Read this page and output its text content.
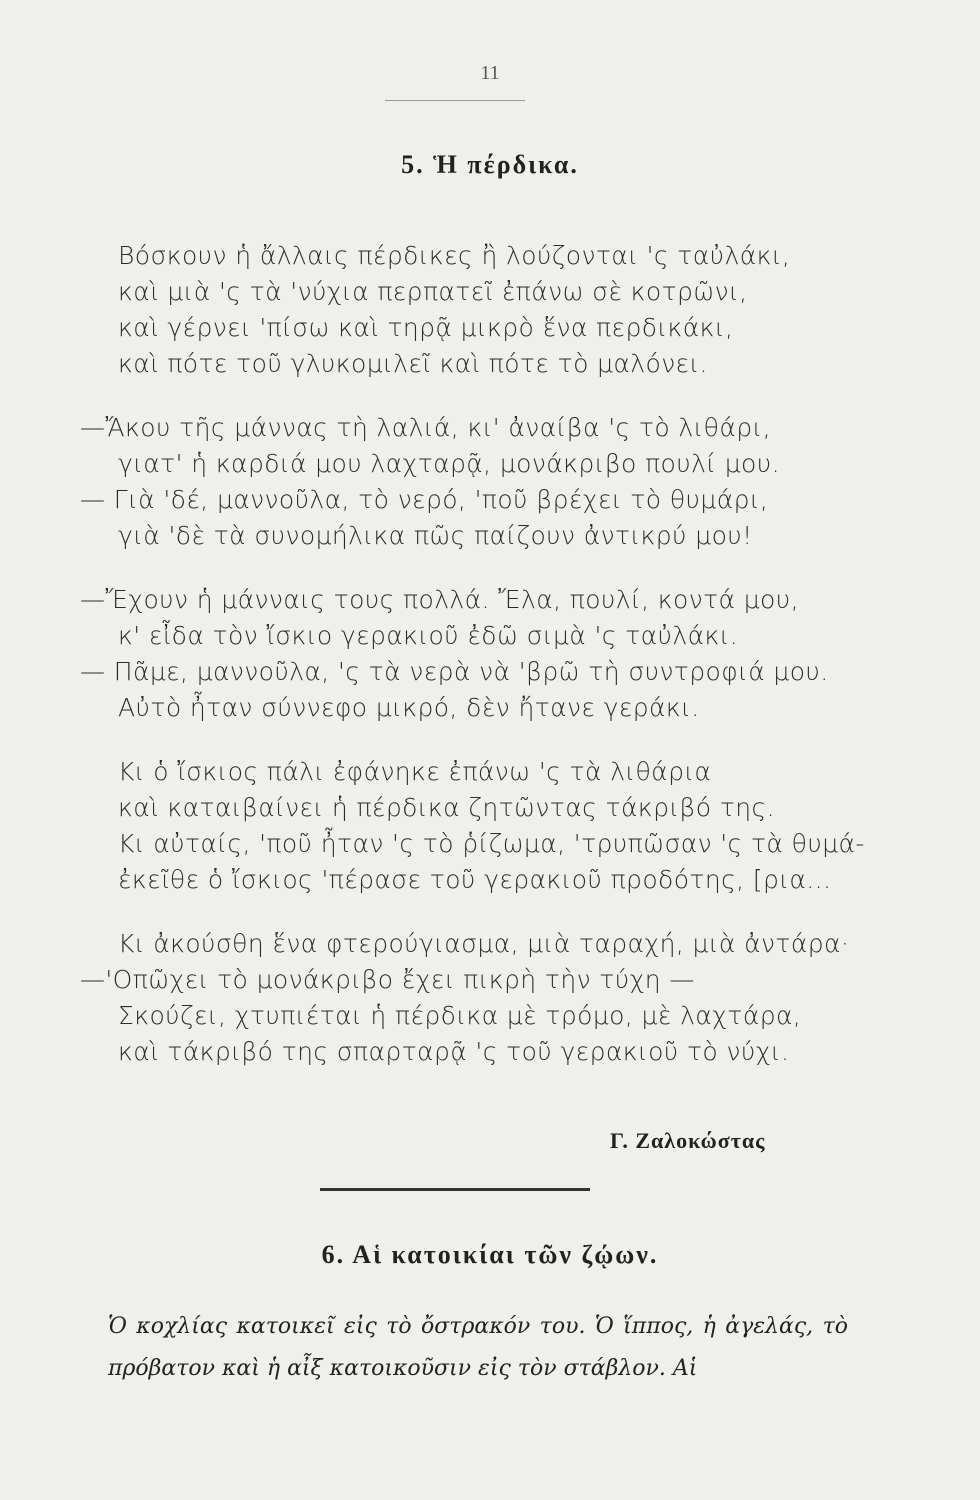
11
5. Ἡ πέρδικα.
Βόσκουν ἡ ἄλλαις πέρδικες ἢ λούζονται 'ς ταὐλάκι,
καὶ μιὰ 'ς τὰ 'νύχια περπατεῖ ἐπάνω σὲ κοτρῶνι,
καὶ γέρνει 'πίσω καὶ τηρᾷ μικρὸ ἕνα περδικάκι,
καὶ πότε τοῦ γλυκομιλεῖ καὶ πότε τὸ μαλόνει.
—Ἄκου τῆς μάννας τὴ λαλιά, κι' ἀναίβα 'ς τὸ λιθάρι,
γιατ' ἡ καρδιά μου λαχταρᾷ, μονάκριβο πουλί μου.
— Γιὰ 'δέ, μαννοῦλα, τὸ νερό, 'ποῦ βρέχει τὸ θυμάρι,
γιὰ 'δὲ τὰ συνομήλικα πῶς παίζουν ἀντικρύ μου!
—Ἔχουν ἡ μάνναις τους πολλά. Ἔλα, πουλί, κοντά μου,
κ' εἶδα τὸν ἴσκιο γερακιοῦ ἐδῶ σιμὰ 'ς ταὐλάκι.
— Πᾶμε, μαννοῦλα, 'ς τὰ νερὰ νὰ 'βρῶ τὴ συντροφιά μου.
Αὐτὸ ἦταν σύννεφο μικρό, δὲν ἤτανε γεράκι.
Κι ὁ ἴσκιος πάλι ἐφάνηκε ἐπάνω 'ς τὰ λιθάρια
καὶ καταιβαίνει ἡ πέρδικα ζητῶντας τάκριβό της.
Κι αὐταίς, 'ποῦ ἦταν 'ς τὸ ῥίζωμα, 'τρυπῶσαν 'ς τὰ θυμά-
ἐκεῖθε ὁ ἴσκιος 'πέρασε τοῦ γερακιοῦ προδότης, [ρια...
Κι ἀκούσθη ἕνα φτερούγιασμα, μιὰ ταραχή, μιὰ ἀντάρα·
—'Οπῶχει τὸ μονάκριβο ἔχει πικρὴ τὴν τύχη —
Σκούζει, χτυπιέται ἡ πέρδικα μὲ τρόμο, μὲ λαχτάρα,
καὶ τάκριβό της σπαρταρᾷ 'ς τοῦ γερακιοῦ τὸ νύχι.
Γ. Ζαλοκώστας
6. Αἱ κατοικίαι τῶν ζῴων.

Ὁ κοχλίας κατοικεῖ εἰς τὸ ὄστρακόν του. Ὁ ἵππος, ἡ ἀγελάς, τὸ πρόβατον καὶ ἡ αἶξ κατοικοῦσιν εἰς τὸν στάβλον. Αἱ
